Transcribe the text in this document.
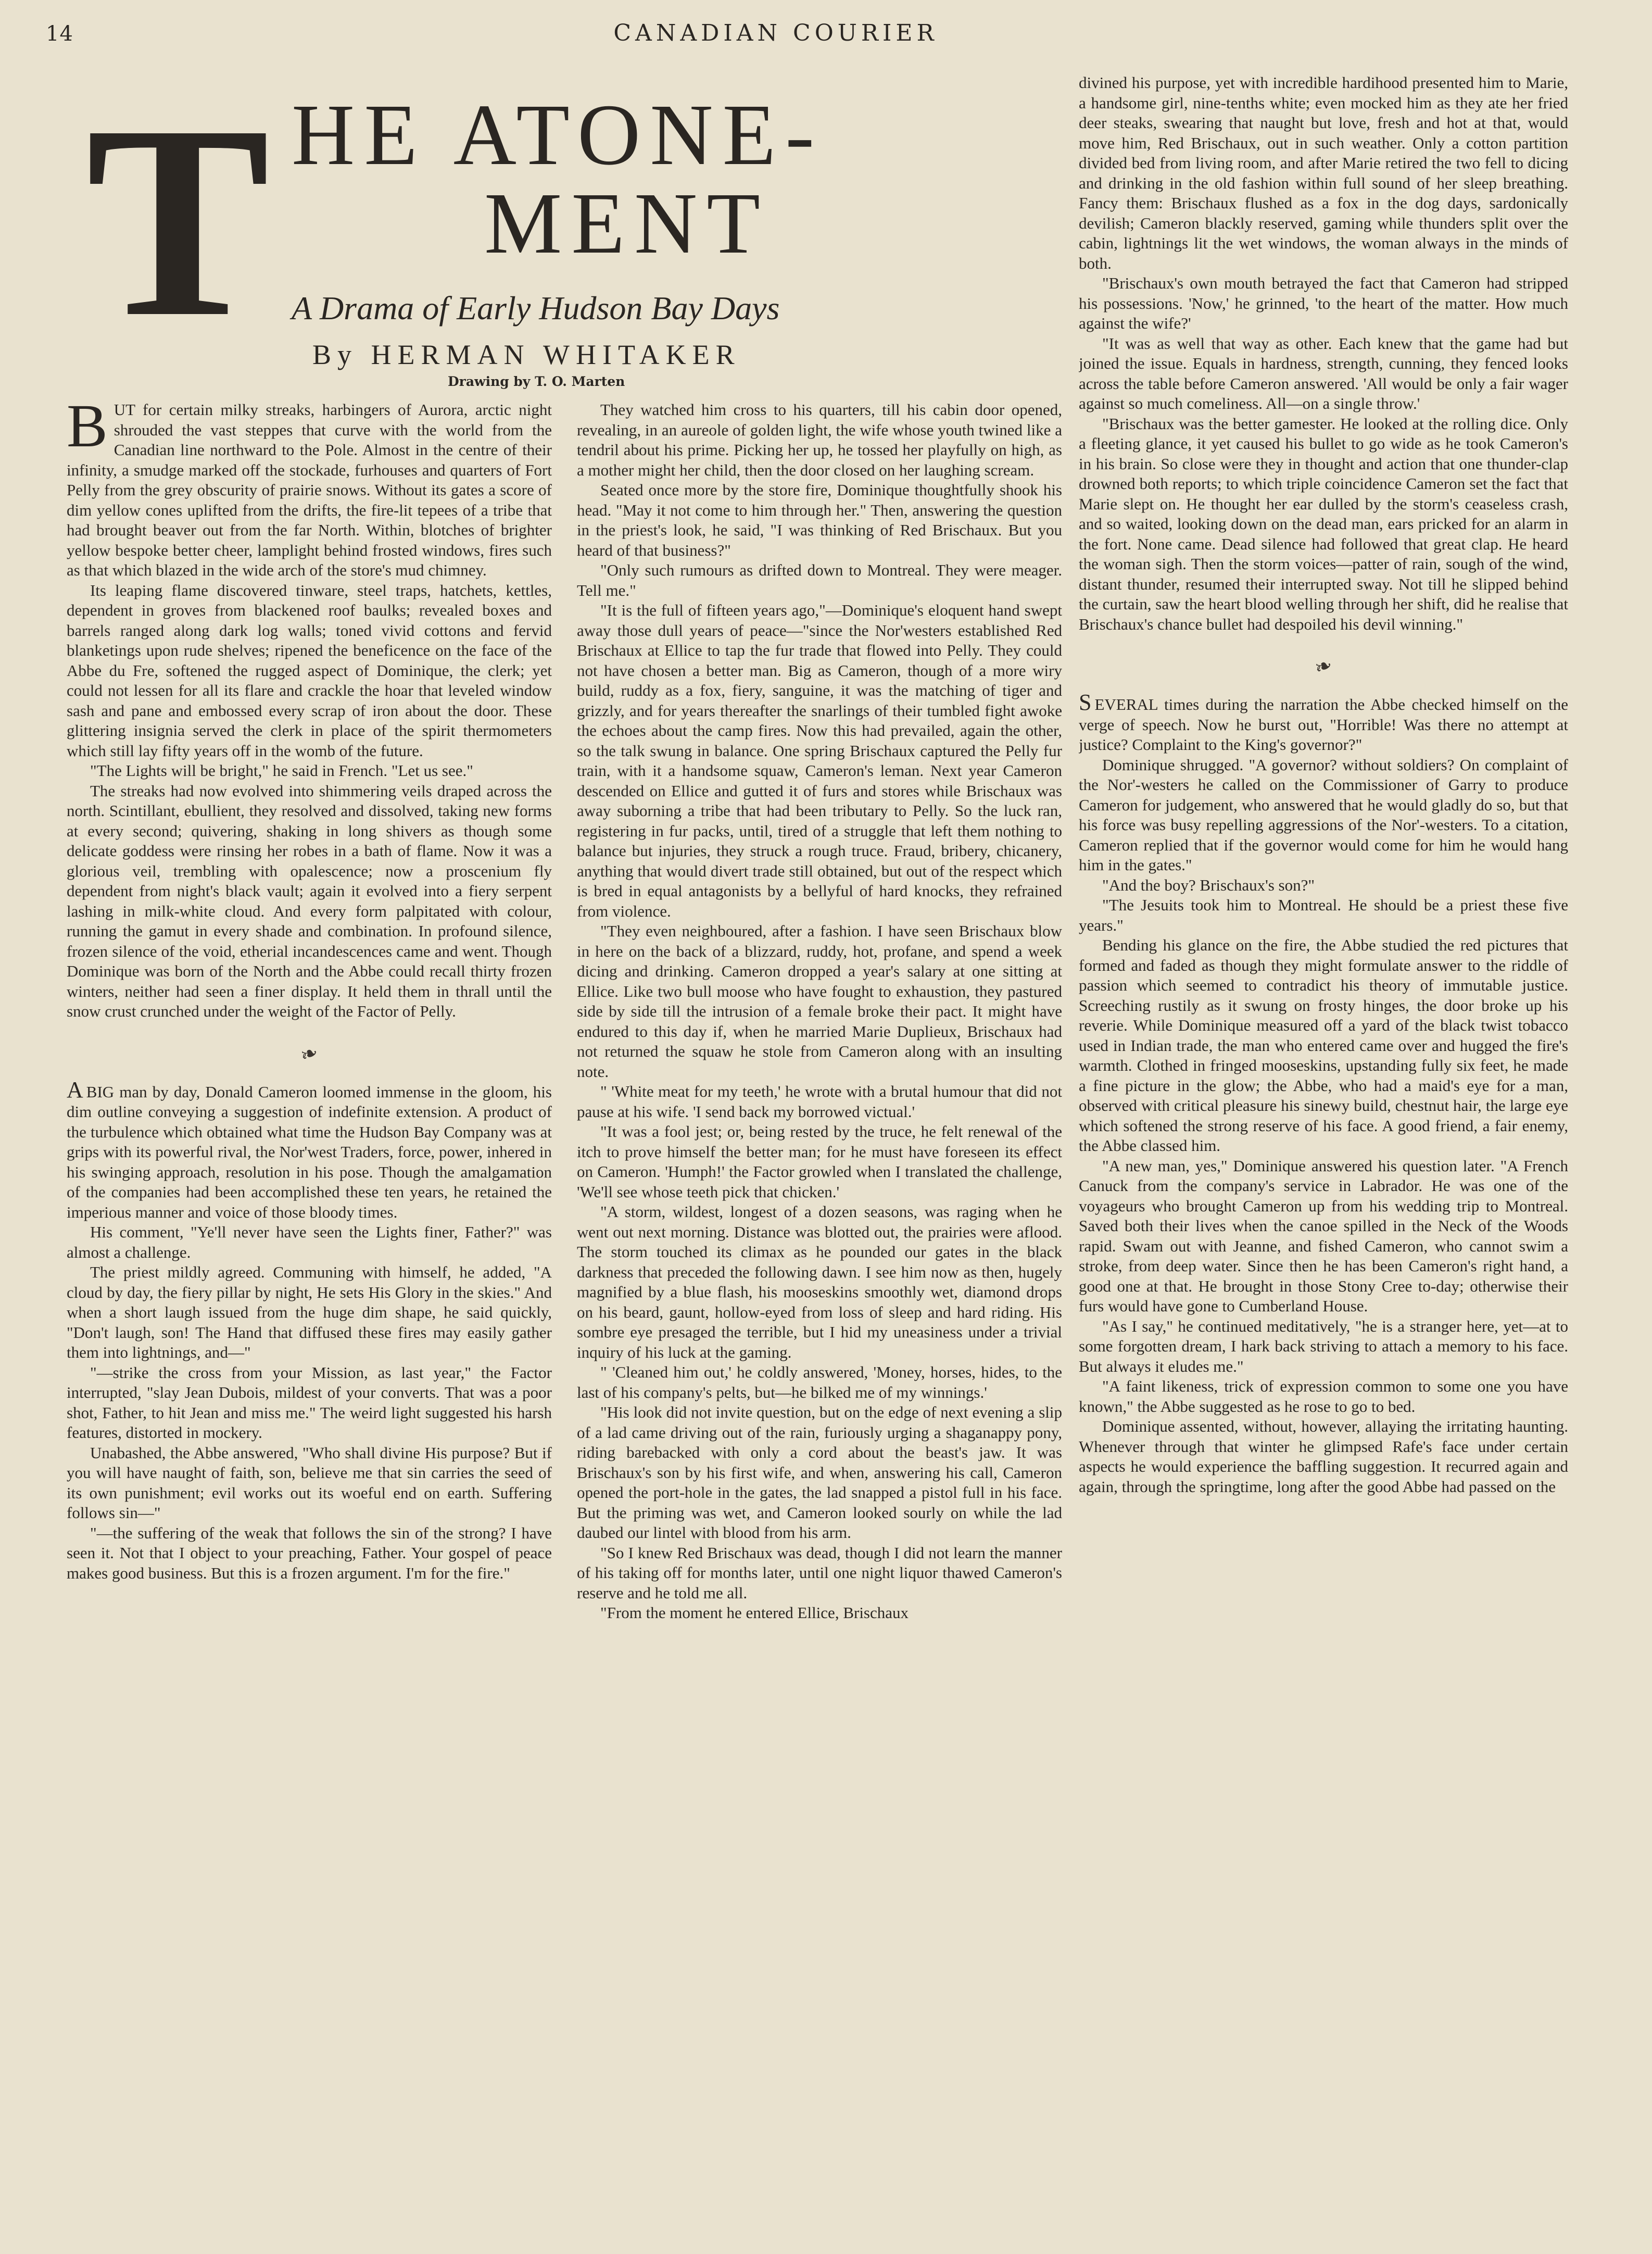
14	CANADIAN COURIER
T HE ATONE-
MENT
A Drama of Early Hudson Bay Days
By HERMAN WHITAKER
Drawing by T. O. Marten

BUT for certain milky streaks, harbingers of Aurora, arctic night shrouded the vast steppes that curve with the world from the Canadian line northward to the Pole. Almost in the centre of their infinity, a smudge marked off the stockade, furhouses and quarters of Fort Pelly from the grey obscurity of prairie snows. Without its gates a score of dim yellow cones uplifted from the drifts, the fire-lit tepees of a tribe that had brought beaver out from the far North. Within, blotches of brighter yellow bespoke better cheer, lamplight behind frosted windows, fires such as that which blazed in the wide arch of the store's mud chimney.

Its leaping flame discovered tinware, steel traps, hatchets, kettles, dependent in groves from blackened roof baulks; revealed boxes and barrels ranged along dark log walls; toned vivid cottons and fervid blanketings upon rude shelves; ripened the beneficence on the face of the Abbe du Fre, softened the rugged aspect of Dominique, the clerk; yet could not lessen for all its flare and crackle the hoar that leveled window sash and pane and embossed every scrap of iron about the door. These glittering insignia served the clerk in place of the spirit thermometers which still lay fifty years off in the womb of the future.

"The Lights will be bright," he said in French. "Let us see."

The streaks had now evolved into shimmering veils draped across the north. Scintillant, ebullient, they resolved and dissolved, taking new forms at every second; quivering, shaking in long shivers as though some delicate goddess were rinsing her robes in a bath of flame. Now it was a glorious veil, trembling with opalescence; now a proscenium fly dependent from night's black vault; again it evolved into a fiery serpent lashing in milk-white cloud. And every form palpitated with colour, running the gamut in every shade and combination. In profound silence, frozen silence of the void, etherial incandescences came and went. Though Dominique was born of the North and the Abbe could recall thirty frozen winters, neither had seen a finer display. It held them in thrall until the snow crust crunched under the weight of the Factor of Pelly.

❧

A BIG man by day, Donald Cameron loomed immense in the gloom, his dim outline conveying a suggestion of indefinite extension. A product of the turbulence which obtained what time the Hudson Bay Company was at grips with its powerful rival, the Nor'west Traders, force, power, inhered in his swinging approach, resolution in his pose. Though the amalgamation of the companies had been accomplished these ten years, he retained the imperious manner and voice of those bloody times.

His comment, "Ye'll never have seen the Lights finer, Father?" was almost a challenge.

The priest mildly agreed. Communing with himself, he added, "A cloud by day, the fiery pillar by night, He sets His Glory in the skies." And when a short laugh issued from the huge dim shape, he said quickly, "Don't laugh, son! The Hand that diffused these fires may easily gather them into lightnings, and—"

"—strike the cross from your Mission, as last year," the Factor interrupted, "slay Jean Dubois, mildest of your converts. That was a poor shot, Father, to hit Jean and miss me." The weird light suggested his harsh features, distorted in mockery.

Unabashed, the Abbe answered, "Who shall divine His purpose? But if you will have naught of faith, son, believe me that sin carries the seed of its own punishment; evil works out its woeful end on earth. Suffering follows sin—"

"—the suffering of the weak that follows the sin of the strong? I have seen it. Not that I object to your preaching, Father. Your gospel of peace makes good business. But this is a frozen argument. I'm for the fire."

They watched him cross to his quarters, till his cabin door opened, revealing, in an aureole of golden light, the wife whose youth twined like a tendril about his prime. Picking her up, he tossed her playfully on high, as a mother might her child, then the door closed on her laughing scream.

Seated once more by the store fire, Dominique thoughtfully shook his head. "May it not come to him through her." Then, answering the question in the priest's look, he said, "I was thinking of Red Brischaux. But you heard of that business?"

"Only such rumours as drifted down to Montreal. They were meager. Tell me."

"It is the full of fifteen years ago,"—Dominique's eloquent hand swept away those dull years of peace—"since the Nor'westers established Red Brischaux at Ellice to tap the fur trade that flowed into Pelly. They could not have chosen a better man. Big as Cameron, though of a more wiry build, ruddy as a fox, fiery, sanguine, it was the matching of tiger and grizzly, and for years thereafter the snarlings of their tumbled fight awoke the echoes about the camp fires. Now this had prevailed, again the other, so the talk swung in balance. One spring Brischaux captured the Pelly fur train, with it a handsome squaw, Cameron's leman. Next year Cameron descended on Ellice and gutted it of furs and stores while Brischaux was away suborning a tribe that had been tributary to Pelly. So the luck ran, registering in fur packs, until, tired of a struggle that left them nothing to balance but injuries, they struck a rough truce. Fraud, bribery, chicanery, anything that would divert trade still obtained, but out of the respect which is bred in equal antagonists by a bellyful of hard knocks, they refrained from violence.

"They even neighboured, after a fashion. I have seen Brischaux blow in here on the back of a blizzard, ruddy, hot, profane, and spend a week dicing and drinking. Cameron dropped a year's salary at one sitting at Ellice. Like two bull moose who have fought to exhaustion, they pastured side by side till the intrusion of a female broke their pact. It might have endured to this day if, when he married Marie Duplieux, Brischaux had not returned the squaw he stole from Cameron along with an insulting note.

" 'White meat for my teeth,' he wrote with a brutal humour that did not pause at his wife. 'I send back my borrowed victual.'

"It was a fool jest; or, being rested by the truce, he felt renewal of the itch to prove himself the better man; for he must have foreseen its effect on Cameron. 'Humph!' the Factor growled when I translated the challenge, 'We'll see whose teeth pick that chicken.'

"A storm, wildest, longest of a dozen seasons, was raging when he went out next morning. Distance was blotted out, the prairies were aflood. The storm touched its climax as he pounded our gates in the black darkness that preceded the following dawn. I see him now as then, hugely magnified by a blue flash, his mooseskins smoothly wet, diamond drops on his beard, gaunt, hollow-eyed from loss of sleep and hard riding. His sombre eye presaged the terrible, but I hid my uneasiness under a trivial inquiry of his luck at the gaming.

" 'Cleaned him out,' he coldly answered, 'Money, horses, hides, to the last of his company's pelts, but—he bilked me of my winnings.'

"His look did not invite question, but on the edge of next evening a slip of a lad came driving out of the rain, furiously urging a shaganappy pony, riding barebacked with only a cord about the beast's jaw. It was Brischaux's son by his first wife, and when, answering his call, Cameron opened the port-hole in the gates, the lad snapped a pistol full in his face. But the priming was wet, and Cameron looked sourly on while the lad daubed our lintel with blood from his arm.

"So I knew Red Brischaux was dead, though I did not learn the manner of his taking off for months later, until one night liquor thawed Cameron's reserve and he told me all.

"From the moment he entered Ellice, Brischaux

divined his purpose, yet with incredible hardihood presented him to Marie, a handsome girl, nine-tenths white; even mocked him as they ate her fried deer steaks, swearing that naught but love, fresh and hot at that, would move him, Red Brischaux, out in such weather. Only a cotton partition divided bed from living room, and after Marie retired the two fell to dicing and drinking in the old fashion within full sound of her sleep breathing. Fancy them: Brischaux flushed as a fox in the dog days, sardonically devilish; Cameron blackly reserved, gaming while thunders split over the cabin, lightnings lit the wet windows, the woman always in the minds of both.

"Brischaux's own mouth betrayed the fact that Cameron had stripped his possessions. 'Now,' he grinned, 'to the heart of the matter. How much against the wife?'

"It was as well that way as other. Each knew that the game had but joined the issue. Equals in hardness, strength, cunning, they fenced looks across the table before Cameron answered. 'All would be only a fair wager against so much comeliness. All—on a single throw.'

"Brischaux was the better gamester. He looked at the rolling dice. Only a fleeting glance, it yet caused his bullet to go wide as he took Cameron's in his brain. So close were they in thought and action that one thunder-clap drowned both reports; to which triple coincidence Cameron set the fact that Marie slept on. He thought her ear dulled by the storm's ceaseless crash, and so waited, looking down on the dead man, ears pricked for an alarm in the fort. None came. Dead silence had followed that great clap. He heard the woman sigh. Then the storm voices—patter of rain, sough of the wind, distant thunder, resumed their interrupted sway. Not till he slipped behind the curtain, saw the heart blood welling through her shift, did he realise that Brischaux's chance bullet had despoiled his devil winning."

❧

S EVERAL times during the narration the Abbe checked himself on the verge of speech. Now he burst out, "Horrible! Was there no attempt at justice? Complaint to the King's governor?"

Dominique shrugged. "A governor? without soldiers? On complaint of the Nor'-westers he called on the Commissioner of Garry to produce Cameron for judgement, who answered that he would gladly do so, but that his force was busy repelling aggressions of the Nor'-westers. To a citation, Cameron replied that if the governor would come for him he would hang him in the gates."

"And the boy? Brischaux's son?"

"The Jesuits took him to Montreal. He should be a priest these five years."

Bending his glance on the fire, the Abbe studied the red pictures that formed and faded as though they might formulate answer to the riddle of passion which seemed to contradict his theory of immutable justice. Screeching rustily as it swung on frosty hinges, the door broke up his reverie. While Dominique measured off a yard of the black twist tobacco used in Indian trade, the man who entered came over and hugged the fire's warmth. Clothed in fringed mooseskins, upstanding fully six feet, he made a fine picture in the glow; the Abbe, who had a maid's eye for a man, observed with critical pleasure his sinewy build, chestnut hair, the large eye which softened the strong reserve of his face. A good friend, a fair enemy, the Abbe classed him.

"A new man, yes," Dominique answered his question later. "A French Canuck from the company's service in Labrador. He was one of the voyageurs who brought Cameron up from his wedding trip to Montreal. Saved both their lives when the canoe spilled in the Neck of the Woods rapid. Swam out with Jeanne, and fished Cameron, who cannot swim a stroke, from deep water. Since then he has been Cameron's right hand, a good one at that. He brought in those Stony Cree to-day; otherwise their furs would have gone to Cumberland House.

"As I say," he continued meditatively, "he is a stranger here, yet—at to some forgotten dream, I hark back striving to attach a memory to his face. But always it eludes me."

"A faint likeness, trick of expression common to some one you have known," the Abbe suggested as he rose to go to bed.

Dominique assented, without, however, allaying the irritating haunting. Whenever through that winter he glimpsed Rafe's face under certain aspects he would experience the baffling suggestion. It recurred again and again, through the springtime, long after the good Abbe had passed on the
